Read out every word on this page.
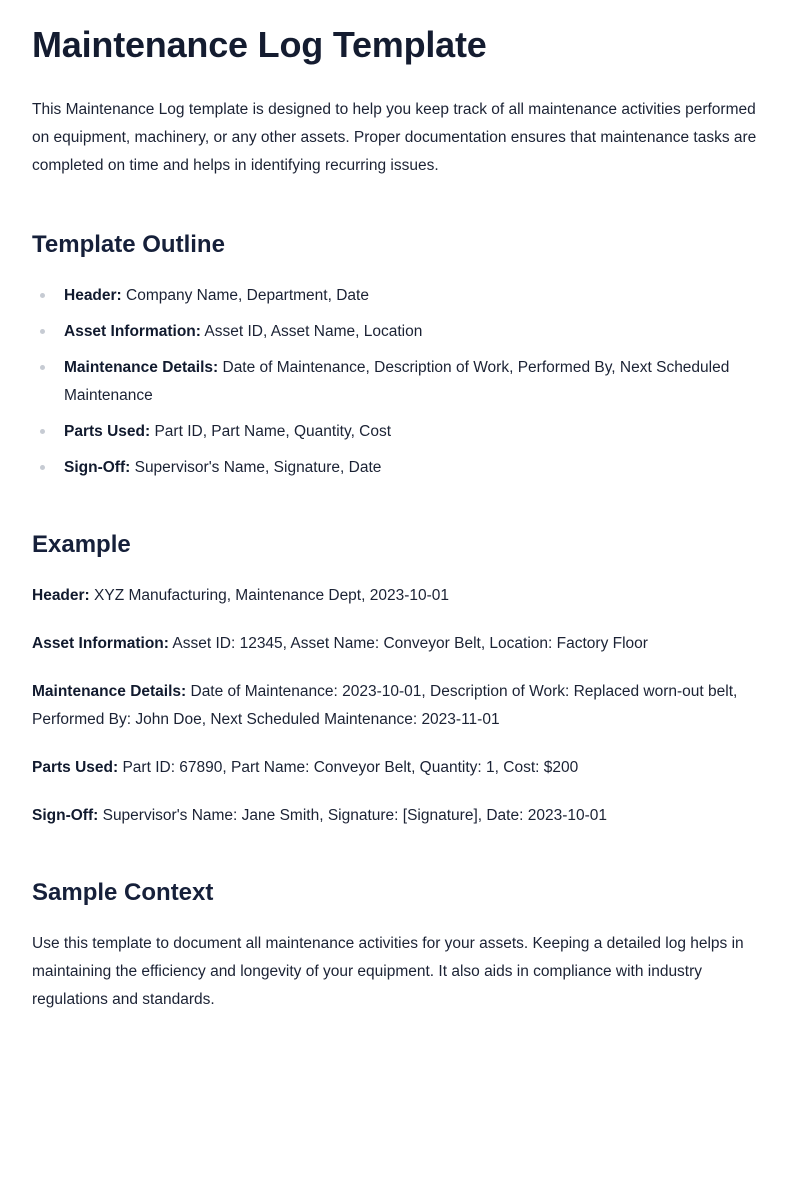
Maintenance Log Template

This Maintenance Log template is designed to help you keep track of all maintenance activities performed on equipment, machinery, or any other assets. Proper documentation ensures that maintenance tasks are completed on time and helps in identifying recurring issues.

Template Outline
Header: Company Name, Department, Date
Asset Information: Asset ID, Asset Name, Location
Maintenance Details: Date of Maintenance, Description of Work, Performed By, Next Scheduled Maintenance
Parts Used: Part ID, Part Name, Quantity, Cost
Sign-Off: Supervisor's Name, Signature, Date
Example

Header: XYZ Manufacturing, Maintenance Dept, 2023-10-01

Asset Information: Asset ID: 12345, Asset Name: Conveyor Belt, Location: Factory Floor

Maintenance Details: Date of Maintenance: 2023-10-01, Description of Work: Replaced worn-out belt, Performed By: John Doe, Next Scheduled Maintenance: 2023-11-01

Parts Used: Part ID: 67890, Part Name: Conveyor Belt, Quantity: 1, Cost: $200

Sign-Off: Supervisor's Name: Jane Smith, Signature: [Signature], Date: 2023-10-01

Sample Context

Use this template to document all maintenance activities for your assets. Keeping a detailed log helps in maintaining the efficiency and longevity of your equipment. It also aids in compliance with industry regulations and standards.
